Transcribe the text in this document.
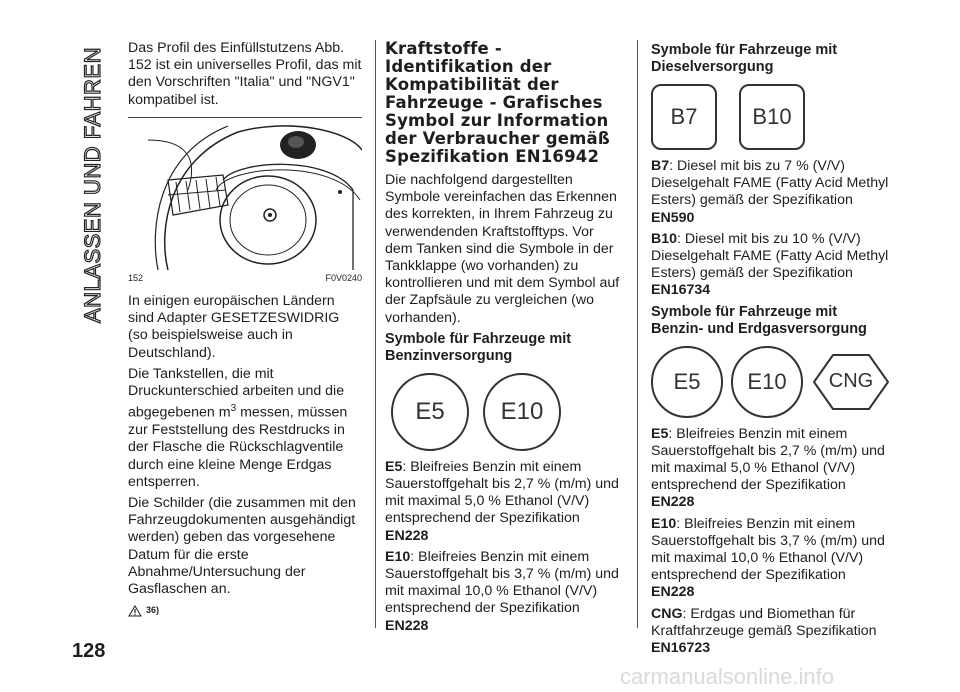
ANLASSEN UND FAHREN Das Profil des Einfüllstutzens Abb. 152 ist ein universelles Profil, das mit den Vorschriften "Italia" und "NGV1" kompatibel ist.

152	F0V0240

In einigen europäischen Ländern sind Adapter GESETZESWIDRIG (so beispielsweise auch in Deutschland).

Die Tankstellen, die mit Druckunterschied arbeiten und die abgegebenen $m^3$ messen, müssen zur Feststellung des Restdrucks in der Flasche die Rückschlagventile durch eine kleine Menge Erdgas entsperren.

Die Schilder (die zusammen mit den Fahrzeugdokumenten ausgehändigt werden) geben das vorgesehene Datum für die erste Abnahme/Untersuchung der Gasflaschen an.

36)
Kraftstoffe - Identifikation der Kompatibilität der Fahrzeuge - Grafisches Symbol zur Information der Verbraucher gemäß Spezifikation EN16942

Die nachfolgend dargestellten Symbole vereinfachen das Erkennen des korrekten, in Ihrem Fahrzeug zu verwendenden Kraftstofftyps. Vor dem Tanken sind die Symbole in der Tankklappe (wo vorhanden) zu kontrollieren und mit dem Symbol auf der Zapfsäule zu vergleichen (wo vorhanden).

Symbole für Fahrzeuge mit Benzinversorgung
E5	E10

E5: Bleifreies Benzin mit einem Sauerstoffgehalt bis 2,7 % (m/m) und mit maximal 5,0 % Ethanol (V/V) entsprechend der Spezifikation EN228

E10: Bleifreies Benzin mit einem Sauerstoffgehalt bis 3,7 % (m/m) und mit maximal 10,0 % Ethanol (V/V) entsprechend der Spezifikation EN228

Symbole für Fahrzeuge mit Dieselversorgung
B7	B10

B7: Diesel mit bis zu 7 % (V/V) Dieselgehalt FAME (Fatty Acid Methyl Esters) gemäß der Spezifikation EN590

B10: Diesel mit bis zu 10 % (V/V) Dieselgehalt FAME (Fatty Acid Methyl Esters) gemäß der Spezifikation EN16734

Symbole für Fahrzeuge mit Benzin- und Erdgasversorgung
E5	E10	CNG

E5: Bleifreies Benzin mit einem Sauerstoffgehalt bis 2,7 % (m/m) und mit maximal 5,0 % Ethanol (V/V) entsprechend der Spezifikation EN228

E10: Bleifreies Benzin mit einem Sauerstoffgehalt bis 3,7 % (m/m) und mit maximal 10,0 % Ethanol (V/V) entsprechend der Spezifikation EN228

CNG: Erdgas und Biomethan für Kraftfahrzeuge gemäß Spezifikation EN16723

128
carmanualsonline.info
